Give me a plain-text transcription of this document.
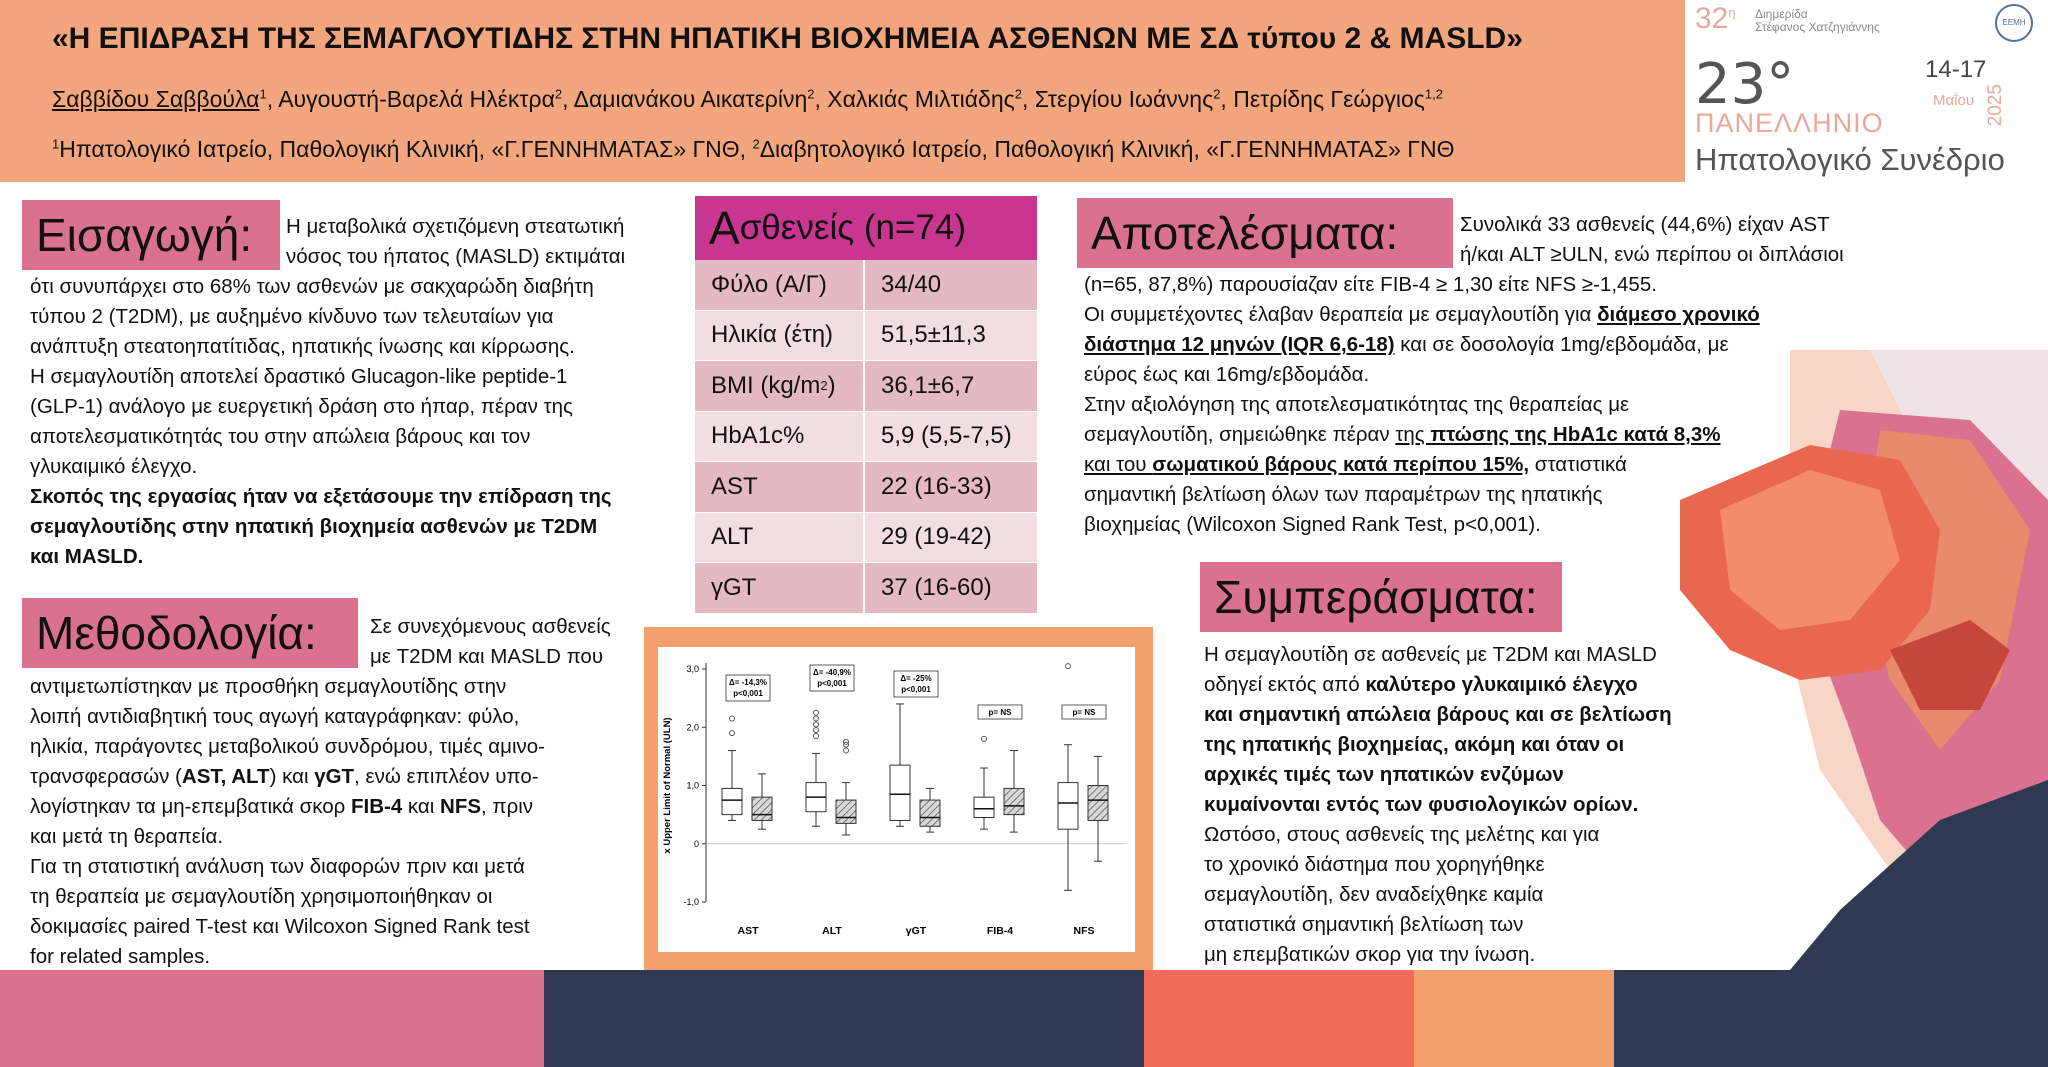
«Η ΕΠΙΔΡΑΣΗ ΤΗΣ ΣΕΜΑΓΛΟΥΤΙΔΗΣ ΣΤΗΝ ΗΠΑΤΙΚΗ ΒΙΟΧΗΜΕΙΑ ΑΣΘΕΝΩΝ ΜΕ ΣΔ τύπου 2 & MASLD»
Σαββίδου Σαββούλα$^1$, Αυγουστή-Βαρελά Ηλέκτρα$^2$, Δαμιανάκου Αικατερίνη$^2$, Χαλκιάς Μιλτιάδης$^2$, Στεργίου Ιωάννης$^2$, Πετρίδης Γεώργιος$^{1,2}$
$^1$Ηπατολογικό Ιατρείο, Παθολογική Κλινική, «Γ.ΓΕΝΝΗΜΑΤΑΣ» ΓΝΘ, $^2$Διαβητολογικό Ιατρείο, Παθολογική Κλινική, «Γ.ΓΕΝΝΗΜΑΤΑΣ» ΓΝΘ
$32^\eta$ Διημερίδα
Στέφανος Χατζηγιάννης	ΕΕΜΗ
23°	14-17
Μαΐου 2025
ΠΑΝΕΛΛΗΝΙΟ
Ηπατολογικό Συνέδριο
Εισαγωγή:	Η μεταβολικά σχετιζόμενη στεατωτική

νόσος του ήπατος (MASLD) εκτιμάται

ότι συνυπάρχει στο 68% των ασθενών με σακχαρώδη διαβήτη

τύπου 2 (T2DM), με αυξημένο κίνδυνο των τελευταίων για

ανάπτυξη στεατοηπατίτιδας, ηπατικής ίνωσης και κίρρωσης.

Η σεμαγλουτίδη αποτελεί δραστικό Glucagon-like peptide-1

(GLP-1) ανάλογο με ευεργετική δράση στο ήπαρ, πέραν της

αποτελεσματικότητάς του στην απώλεια βάρους και τον

γλυκαιμικό έλεγχο.

Σκοπός της εργασίας ήταν να εξετάσουμε την επίδραση της

σεμαγλουτίδης στην ηπατική βιοχημεία ασθενών με T2DM

και MASLD.

Μεθοδολογία:	Σε συνεχόμενους ασθενείς

με T2DM και MASLD που

αντιμετωπίστηκαν με προσθήκη σεμαγλουτίδης στην

λοιπή αντιδιαβητική τους αγωγή καταγράφηκαν: φύλο,

ηλικία, παράγοντες μεταβολικού συνδρόμου, τιμές αμινο-

τρανσφερασών (AST, ALT) και γGT, ενώ επιπλέον υπο-

λογίστηκαν τα μη-επεμβατικά σκορ FIB-4 και NFS, πριν

και μετά τη θεραπεία.

Για τη στατιστική ανάλυση των διαφορών πριν και μετά

τη θεραπεία με σεμαγλουτίδη χρησιμοποιήθηκαν οι

δοκιμασίες paired T-test και Wilcoxon Signed Rank test

for related samples.

Α σθενείς (n=74)
Φύλο (Α/Γ)	34/40
Ηλικία (έτη)	51,5±11,3
BMI (kg/m 2 )	36,1±6,7
HbA1c%	5,9 (5,5-7,5)
AST	22 (16-33)
ALT	29 (19-42)
γGT	37 (16-60)
3,0
2,0
1,0
0
-1,0
x Upper Limit of Normal (ULN)
AST
Δ= -14,3%
p<0,001
ALT
Δ= -40,9%
p<0,001
γGT
Δ= -25%
p<0,001
FIB-4
p= NS
NFS
p= NS
Αποτελέσματα:	Συνολικά 33 ασθενείς (44,6%) είχαν AST

ή/και ALT ≥ULN, ενώ περίπου οι διπλάσιοι

(n=65, 87,8%) παρουσίαζαν είτε FIB-4 ≥ 1,30 είτε NFS ≥-1,455.

Οι συμμετέχοντες έλαβαν θεραπεία με σεμαγλουτίδη για διάμεσο χρονικό

διάστημα 12 μηνών (IQR 6,6-18) και σε δοσολογία 1mg/εβδομάδα, με

εύρος έως και 16mg/εβδομάδα.

Στην αξιολόγηση της αποτελεσματικότητας της θεραπείας με

σεμαγλουτίδη, σημειώθηκε πέραν της πτώσης της HbA1c κατά 8,3%

και του σωματικού βάρους κατά περίπου 15%, στατιστικά

σημαντική βελτίωση όλων των παραμέτρων της ηπατικής

βιοχημείας (Wilcoxon Signed Rank Test, p<0,001).

Συμπεράσματα:

Η σεμαγλουτίδη σε ασθενείς με T2DM και MASLD

οδηγεί εκτός από καλύτερο γλυκαιμικό έλεγχο

και σημαντική απώλεια βάρους και σε βελτίωση

της ηπατικής βιοχημείας, ακόμη και όταν οι

αρχικές τιμές των ηπατικών ενζύμων

κυμαίνονται εντός των φυσιολογικών ορίων.

Ωστόσο, στους ασθενείς της μελέτης και για

το χρονικό διάστημα που χορηγήθηκε

σεμαγλουτίδη, δεν αναδείχθηκε καμία

στατιστικά σημαντική βελτίωση των

μη επεμβατικών σκορ για την ίνωση.
